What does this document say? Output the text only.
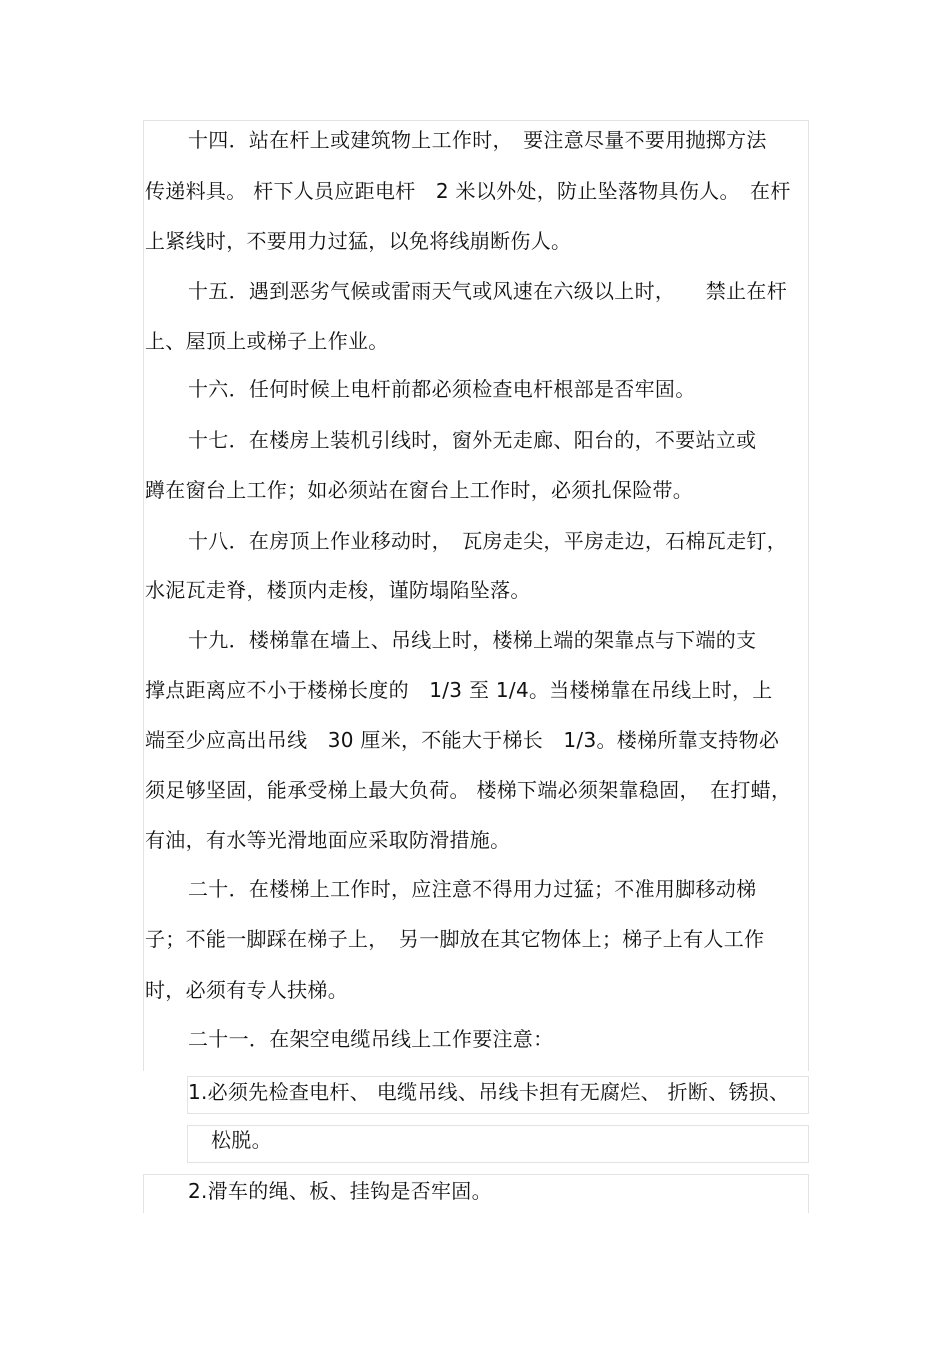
十四．站在杆上或建筑物上工作时，　要注意尽量不要用抛掷方法
传递料具。 杆下人员应距电杆　2 米以外处，防止坠落物具伤人。　在杆
上紧线时，不要用力过猛，以免将线崩断伤人。
十五．遇到恶劣气候或雷雨天气或风速在六级以上时，　　禁止在杆
上、屋顶上或梯子上作业。
十六．任何时候上电杆前都必须检查电杆根部是否牢固。
十七．在楼房上装机引线时，窗外无走廊、阳台的，不要站立或
蹲在窗台上工作；如必须站在窗台上工作时，必须扎保险带。
十八．在房顶上作业移动时，　瓦房走尖，平房走边，石棉瓦走钉，
水泥瓦走脊，楼顶内走梭，谨防塌陷坠落。
十九．楼梯靠在墙上、吊线上时，楼梯上端的架靠点与下端的支
撑点距离应不小于楼梯长度的　1/3 至 1/4。当楼梯靠在吊线上时，上
端至少应高出吊线　30 厘米，不能大于梯长　1/3。楼梯所靠支持物必
须足够坚固，能承受梯上最大负荷。 楼梯下端必须架靠稳固，　在打蜡，
有油，有水等光滑地面应采取防滑措施。
二十．在楼梯上工作时，应注意不得用力过猛；不准用脚移动梯
子；不能一脚踩在梯子上，　另一脚放在其它物体上；梯子上有人工作
时，必须有专人扶梯。
二十一．在架空电缆吊线上工作要注意：
1.必须先检查电杆、 电缆吊线、吊线卡担有无腐烂、 折断、锈损、
松脱。
2.滑车的绳、板、挂钩是否牢固。
